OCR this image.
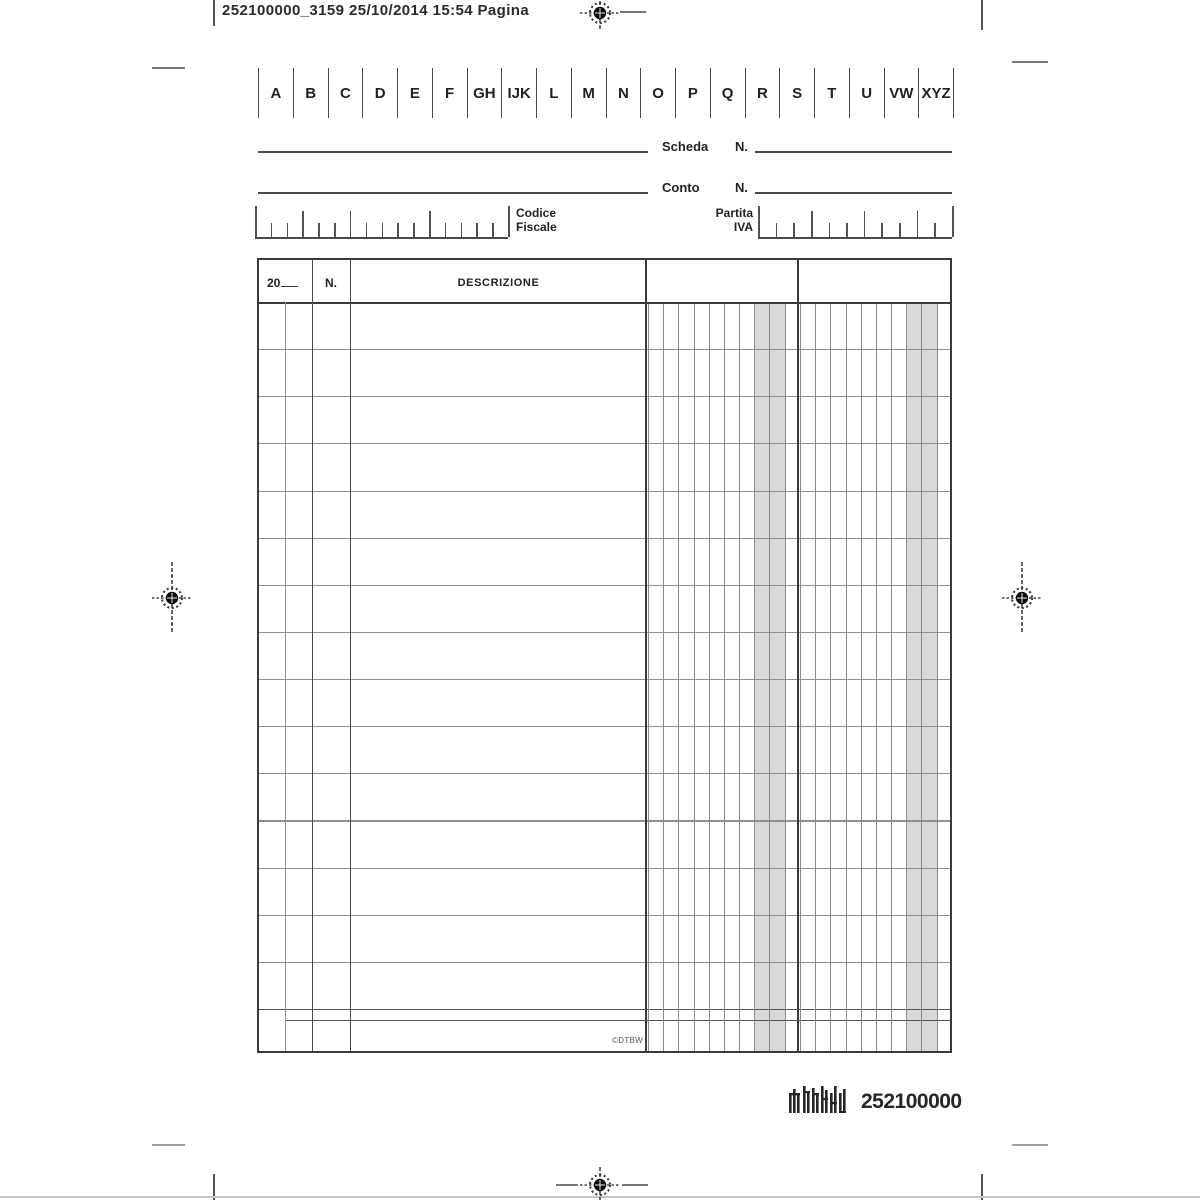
252100000_3159 25/10/2014 15:54 Pagina
A	B	C	D	E	F	GH IJK	L	M	N	O	P	Q	R	S	T	U	VW XYZ
Scheda N.
Conto	N.
Codice
Fiscale
Partita
IVA
20	N.	DESCRIZIONE
©DTBW
252100000
